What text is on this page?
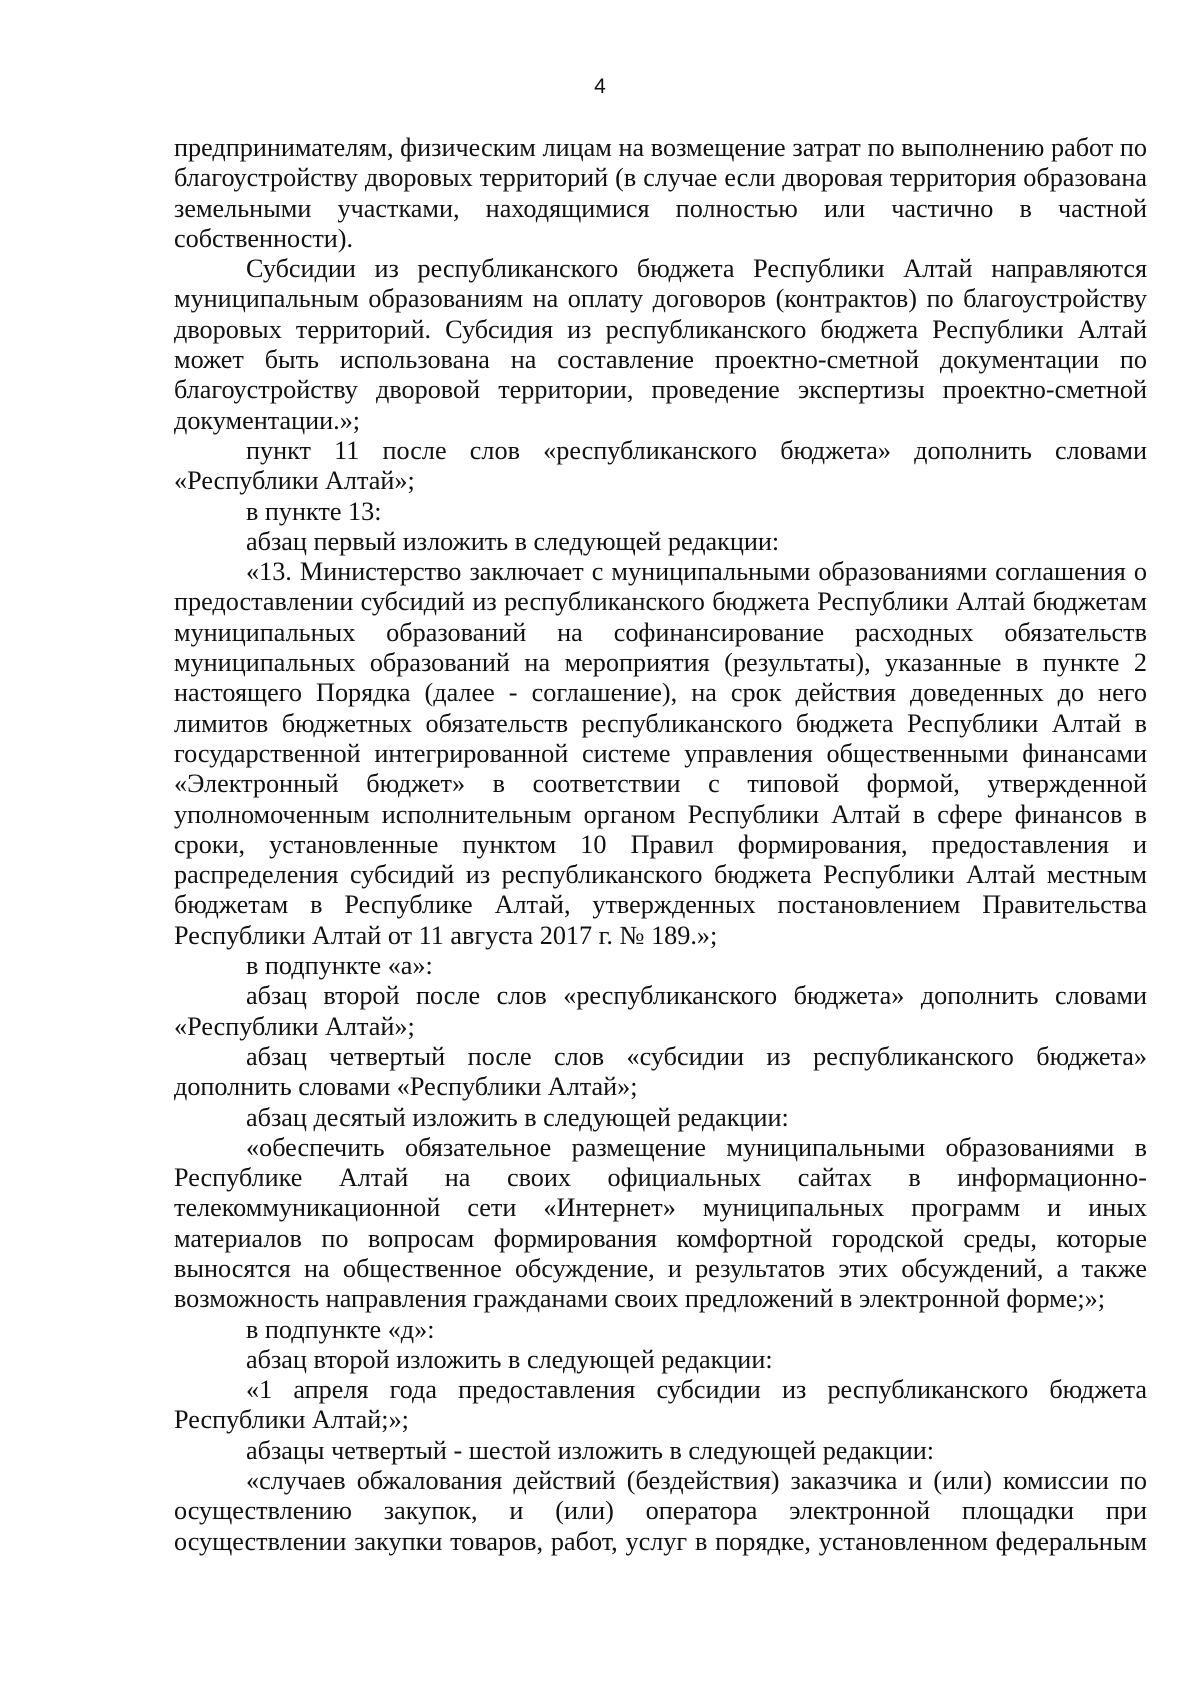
4

предпринимателям, физическим лицам на возмещение затрат по выполнению работ по благоустройству дворовых территорий (в случае если дворовая территория образована земельными участками, находящимися полностью или частично в частной собственности).

Субсидии из республиканского бюджета Республики Алтай направляются муниципальным образованиям на оплату договоров (контрактов) по благоустройству дворовых территорий. Субсидия из республиканского бюджета Республики Алтай может быть использована на составление проектно-сметной документации по благоустройству дворовой территории, проведение экспертизы проектно-сметной документации.»;

пункт 11 после слов «республиканского бюджета» дополнить словами «Республики Алтай»;

в пункте 13:

абзац первый изложить в следующей редакции:

«13. Министерство заключает с муниципальными образованиями соглашения о предоставлении субсидий из республиканского бюджета Республики Алтай бюджетам муниципальных образований на софинансирование расходных обязательств муниципальных образований на мероприятия (результаты), указанные в пункте 2 настоящего Порядка (далее - соглашение), на срок действия доведенных до него лимитов бюджетных обязательств республиканского бюджета Республики Алтай в государственной интегрированной системе управления общественными финансами «Электронный бюджет» в соответствии с типовой формой, утвержденной уполномоченным исполнительным органом Республики Алтай в сфере финансов в сроки, установленные пунктом 10 Правил формирования, предоставления и распределения субсидий из республиканского бюджета Республики Алтай местным бюджетам в Республике Алтай, утвержденных постановлением Правительства Республики Алтай от 11 августа 2017 г. № 189.»;

в подпункте «а»:

абзац второй после слов «республиканского бюджета» дополнить словами «Республики Алтай»;

абзац четвертый после слов «субсидии из республиканского бюджета» дополнить словами «Республики Алтай»;

абзац десятый изложить в следующей редакции:

«обеспечить обязательное размещение муниципальными образованиями в Республике Алтай на своих официальных сайтах в информационно-телекоммуникационной сети «Интернет» муниципальных программ и иных материалов по вопросам формирования комфортной городской среды, которые выносятся на общественное обсуждение, и результатов этих обсуждений, а также возможность направления гражданами своих предложений в электронной форме;»;

в подпункте «д»:

абзац второй изложить в следующей редакции:

«1 апреля года предоставления субсидии из республиканского бюджета Республики Алтай;»;

абзацы четвертый - шестой изложить в следующей редакции:

«случаев обжалования действий (бездействия) заказчика и (или) комиссии по осуществлению закупок, и (или) оператора электронной площадки при осуществлении закупки товаров, работ, услуг в порядке, установленном федеральным
